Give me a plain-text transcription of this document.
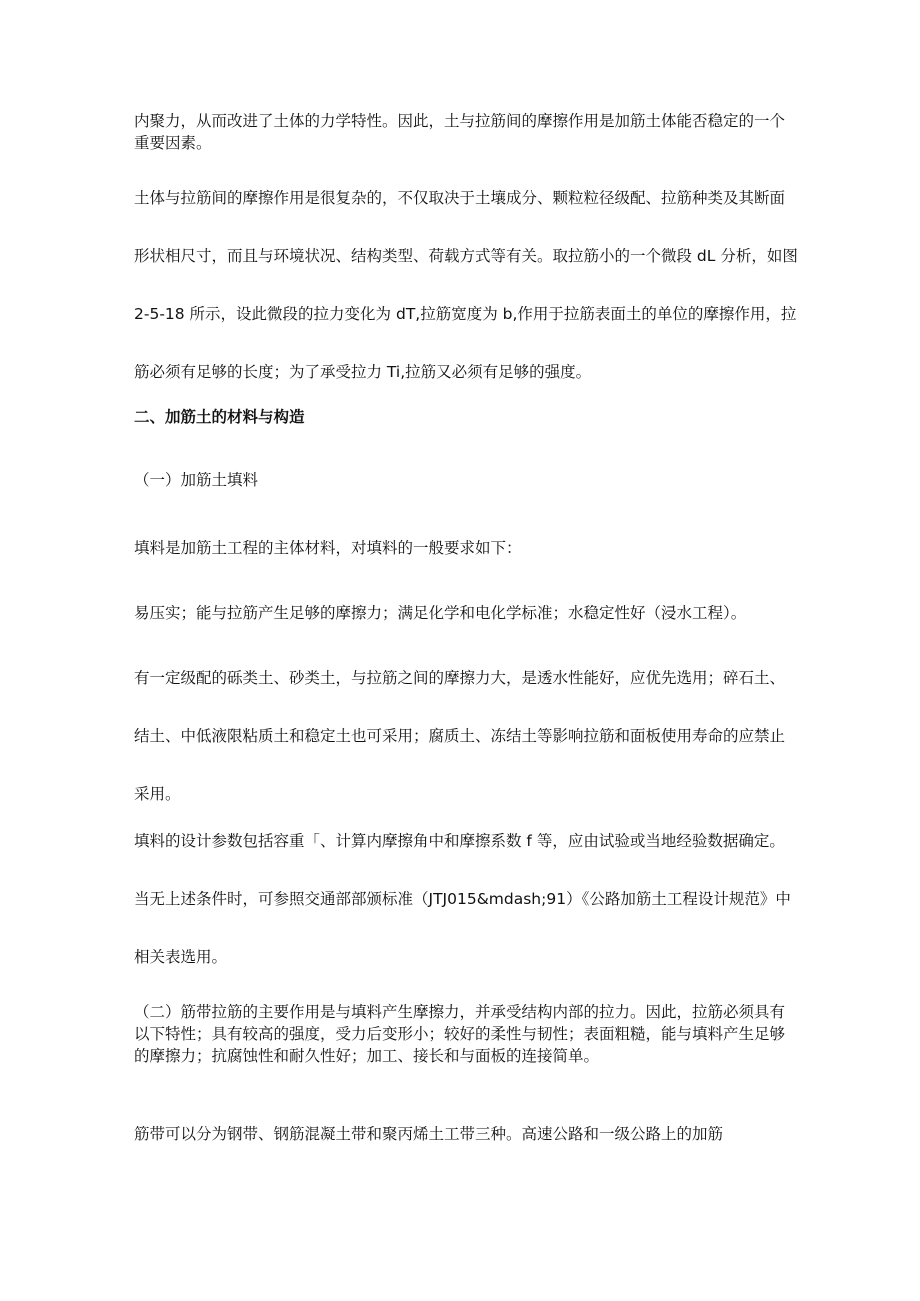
内聚力，从而改进了土体的力学特性。因此，土与拉筋间的摩擦作用是加筋土体能否稳定的一个重要因素。

土体与拉筋间的摩擦作用是很复杂的，不仅取决于土壤成分、颗粒粒径级配、拉筋种类及其断面形状相尺寸，而且与环境状况、结构类型、荷载方式等有关。取拉筋小的一个微段 dL 分析，如图 2-5-18 所示，设此微段的拉力变化为 dT,拉筋宽度为 b,作用于拉筋表面土的单位的摩擦作用，拉筋必须有足够的长度；为了承受拉力 Ti,拉筋又必须有足够的强度。

二、加筋土的材料与构造

（一）加筋土填料

填料是加筋土工程的主体材料，对填料的一般要求如下：

易压实；能与拉筋产生足够的摩擦力；满足化学和电化学标准；水稳定性好（浸水工程）。

有一定级配的砾类土、砂类土，与拉筋之间的摩擦力大，是透水性能好，应优先选用；碎石土、结土、中低液限粘质土和稳定土也可采用；腐质土、冻结土等影响拉筋和面板使用寿命的应禁止采用。

填料的设计参数包括容重「、计算内摩擦角中和摩擦系数 f 等，应由试验或当地经验数据确定。当无上述条件时，可参照交通部部颁标准（JTJ015&mdash;91）《公路加筋土工程设计规范》中相关表选用。

（二）筋带拉筋的主要作用是与填料产生摩擦力，并承受结构内部的拉力。因此，拉筋必须具有以下特性；具有较高的强度，受力后变形小；较好的柔性与韧性；表面粗糙，能与填料产生足够的摩擦力；抗腐蚀性和耐久性好；加工、接长和与面板的连接简单。

筋带可以分为钢带、钢筋混凝土带和聚丙烯土工带三种。高速公路和一级公路上的加筋
